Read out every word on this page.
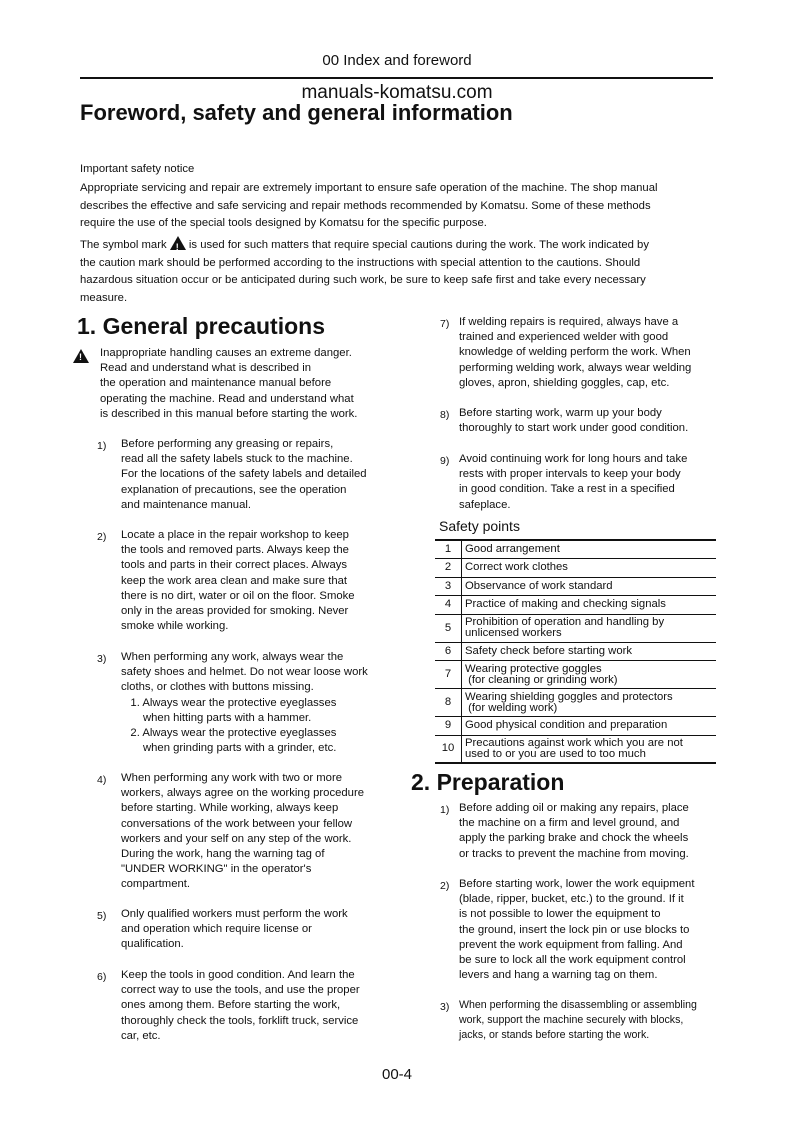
00 Index and foreword
manuals-komatsu.com
Foreword, safety and general information
Important safety notice
Appropriate servicing and repair are extremely important to ensure safe operation of the machine. The shop manual
describes the effective and safe servicing and repair methods recommended by Komatsu. Some of these methods
require the use of the special tools designed by Komatsu for the specific purpose.
The symbol mark ! is used for such matters that require special cautions during the work. The work indicated by
the caution mark should be performed according to the instructions with special attention to the cautions. Should
hazardous situation occur or be anticipated during such work, be sure to keep safe first and take every necessary
measure.
1. General precautions
!
Inappropriate handling causes an extreme danger.
Read and understand what is described in
the operation and maintenance manual before
operating the machine. Read and understand what
is described in this manual before starting the work.
1) Before performing any greasing or repairs,
read all the safety labels stuck to the machine.
For the locations of the safety labels and detailed
explanation of precautions, see the operation
and maintenance manual.
2) Locate a place in the repair workshop to keep
the tools and removed parts. Always keep the
tools and parts in their correct places. Always
keep the work area clean and make sure that
there is no dirt, water or oil on the floor. Smoke
only in the areas provided for smoking. Never
smoke while working.
3) When performing any work, always wear the
safety shoes and helmet. Do not wear loose work
cloths, or clothes with buttons missing.
1. Always wear the protective eyeglasses
when hitting parts with a hammer.
2. Always wear the protective eyeglasses
when grinding parts with a grinder, etc.
4) When performing any work with two or more
workers, always agree on the working procedure
before starting. While working, always keep
conversations of the work between your fellow
workers and your self on any step of the work.
During the work, hang the warning tag of
"UNDER WORKING" in the operator's
compartment.
5) Only qualified workers must perform the work
and operation which require license or
qualification.
6) Keep the tools in good condition. And learn the
correct way to use the tools, and use the proper
ones among them. Before starting the work,
thoroughly check the tools, forklift truck, service
car, etc.
7) If welding repairs is required, always have a
trained and experienced welder with good
knowledge of welding perform the work. When
performing welding work, always wear welding
gloves, apron, shielding goggles, cap, etc.
8) Before starting work, warm up your body
thoroughly to start work under good condition.
9) Avoid continuing work for long hours and take
rests with proper intervals to keep your body
in good condition. Take a rest in a specified
safeplace.
Safety points
1	Good arrangement

2	Correct work clothes

3	Observance of work standard

4	Practice of making and checking signals

5	Prohibition of operation and handling by
unlicensed workers

6	Safety check before starting work

7	Wearing protective goggles
(for cleaning or grinding work)

8	Wearing shielding goggles and protectors
(for welding work)

9	Good physical condition and preparation

10	Precautions against work which you are not
used to or you are used to too much
2. Preparation
1) Before adding oil or making any repairs, place
the machine on a firm and level ground, and
apply the parking brake and chock the wheels
or tracks to prevent the machine from moving.
2) Before starting work, lower the work equipment
(blade, ripper, bucket, etc.) to the ground. If it
is not possible to lower the equipment to
the ground, insert the lock pin or use blocks to
prevent the work equipment from falling. And
be sure to lock all the work equipment control
levers and hang a warning tag on them.
3) When performing the disassembling or assembling
work, support the machine securely with blocks,
jacks, or stands before starting the work.
00-4
